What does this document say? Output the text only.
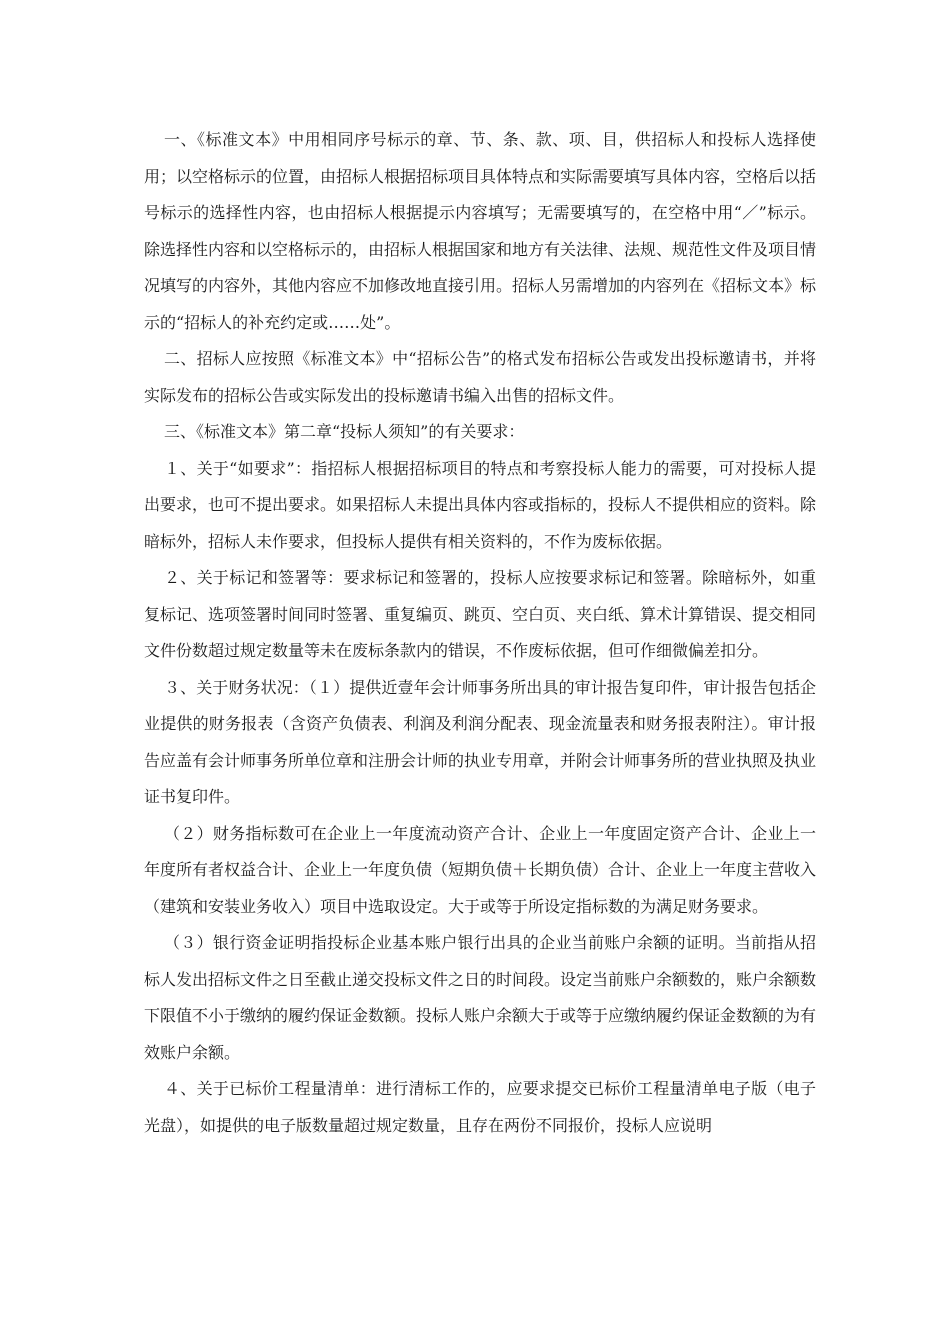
一、《标准文本》中用相同序号标示的章、节、条、款、项、目，供招标人和投标人选择使用；以空格标示的位置，由招标人根据招标项目具体特点和实际需要填写具体内容，空格后以括号标示的选择性内容，也由招标人根据提示内容填写；无需要填写的，在空格中用“／”标示。除选择性内容和以空格标示的，由招标人根据国家和地方有关法律、法规、规范性文件及项目情况填写的内容外，其他内容应不加修改地直接引用。招标人另需增加的内容列在《招标文本》标示的“招标人的补充约定或……处”。

二、招标人应按照《标准文本》中“招标公告”的格式发布招标公告或发出投标邀请书，并将实际发布的招标公告或实际发出的投标邀请书编入出售的招标文件。

三、《标准文本》第二章“投标人须知”的有关要求：

１、关于“如要求”：指招标人根据招标项目的特点和考察投标人能力的需要，可对投标人提出要求，也可不提出要求。如果招标人未提出具体内容或指标的，投标人不提供相应的资料。除暗标外，招标人未作要求，但投标人提供有相关资料的，不作为废标依据。

２、关于标记和签署等：要求标记和签署的，投标人应按要求标记和签署。除暗标外，如重复标记、选项签署时间同时签署、重复编页、跳页、空白页、夹白纸、算术计算错误、提交相同文件份数超过规定数量等未在废标条款内的错误，不作废标依据，但可作细微偏差扣分。

３、关于财务状况：（１）提供近壹年会计师事务所出具的审计报告复印件，审计报告包括企业提供的财务报表（含资产负债表、利润及利润分配表、现金流量表和财务报表附注）。审计报告应盖有会计师事务所单位章和注册会计师的执业专用章，并附会计师事务所的营业执照及执业证书复印件。

（２）财务指标数可在企业上一年度流动资产合计、企业上一年度固定资产合计、企业上一年度所有者权益合计、企业上一年度负债（短期负债＋长期负债）合计、企业上一年度主营收入（建筑和安装业务收入）项目中选取设定。大于或等于所设定指标数的为满足财务要求。

（３）银行资金证明指投标企业基本账户银行出具的企业当前账户余额的证明。当前指从招标人发出招标文件之日至截止递交投标文件之日的时间段。设定当前账户余额数的，账户余额数下限值不小于缴纳的履约保证金数额。投标人账户余额大于或等于应缴纳履约保证金数额的为有效账户余额。

４、关于已标价工程量清单：进行清标工作的，应要求提交已标价工程量清单电子版（电子光盘），如提供的电子版数量超过规定数量，且存在两份不同报价，投标人应说明
